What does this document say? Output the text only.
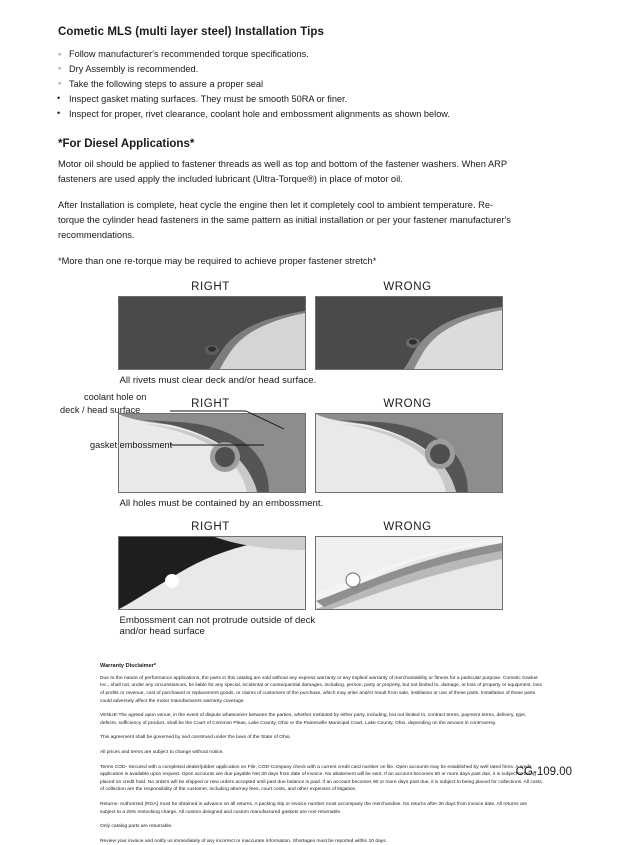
Cometic MLS (multi layer steel) Installation Tips
◦ Follow manufacturer's recommended torque specifications.
◦ Dry Assembly is recommended.
◦ Take the following steps to assure a proper seal
• Inspect gasket mating surfaces. They must be smooth 50RA or finer.
• Inspect for proper, rivet clearance, coolant hole and embossment alignments as shown below.
*For Diesel Applications*

Motor oil should be applied to fastener threads as well as top and bottom of the fastener washers. When ARP fasteners are used apply the included lubricant (Ultra-Torque®) in place of motor oil.

After Installation is complete, heat cycle the engine then let it completely cool to ambient temperature. Re-torque the cylinder head fasteners in the same pattern as initial installation or per your fastener manufacturer's recommendations.

*More than one re-torque may be required to achieve proper fastener stretch*

RIGHT	WRONG
All rivets must clear deck and/or head surface.
RIGHT	WRONG
All holes must be contained by an embossment.
RIGHT	WRONG
Embossment can not protrude outside of deck
and/or head surface
coolant hole on
deck / head surface
gasket embossment
Warranty Disclaimer*

Due to the nature of performance applications, the parts in this catalog are sold without any express warranty or any implied warranty of merchantability or fitness for a particular purpose. Cometic Gasket Inc., shall not, under any circumstances, be liable for any special, incidental or consequential damages, including, person, party or property, but not limited to, damage, or loss of property or equipment, loss of profits or revenue, cost of purchased or replacement goods, or claims of customers of the purchase, which may arise and/or result from sale, instillation or use of these parts. Installation of these parts could adversely affect the motor manufacturers warranty coverage.

VENUE-The agreed upon venue, in the event of dispute whatsoever between the parties, whether instituted by either party, including, but not limited to, contract terms, payment terms, delivery, type, defects, sufficiency of product, shall be the Court of Common Pleas, Lake County, Ohio or the Painesville Municipal Court, Lake County, Ohio, depending on the amount in controversy.

This agreement shall be governed by and construed under the laws of the State of Ohio.

All prices and terms are subject to change without notice.

Terms COD- Secured with a completed dealer/jobber application on File, COD-Company check with a current credit card number on file. Open accounts may be established by well rated firms. A credit application is available upon request. Open accounts are due payable Net 30 days from date of invoice. No abatement will be sent. If an account becomes 60 or more days past due, it is subject to being placed on credit hold. No orders will be shipped or new orders accepted until past due balance is paid. If an account becomes 90 or more days past due, it is subject to being placed for collections. All costs of collection are the responsibility of the customer, including attorney fees, court costs, and other expenses of litigation.

Returns- Authorized (RGA) must be obtained in advance on all returns. A packing slip or invoice number must accompany the merchandise. No returns after 30 days from invoice date. All returns are subject to a 25% restocking charge. All custom designed and custom manufactured gaskets are non-returnable.

Only catalog parts are returnable.

Review your invoice and notify us immediately of any incorrect or inaccurate information. Shortages must be reported within 10 days.

CG-109.00
